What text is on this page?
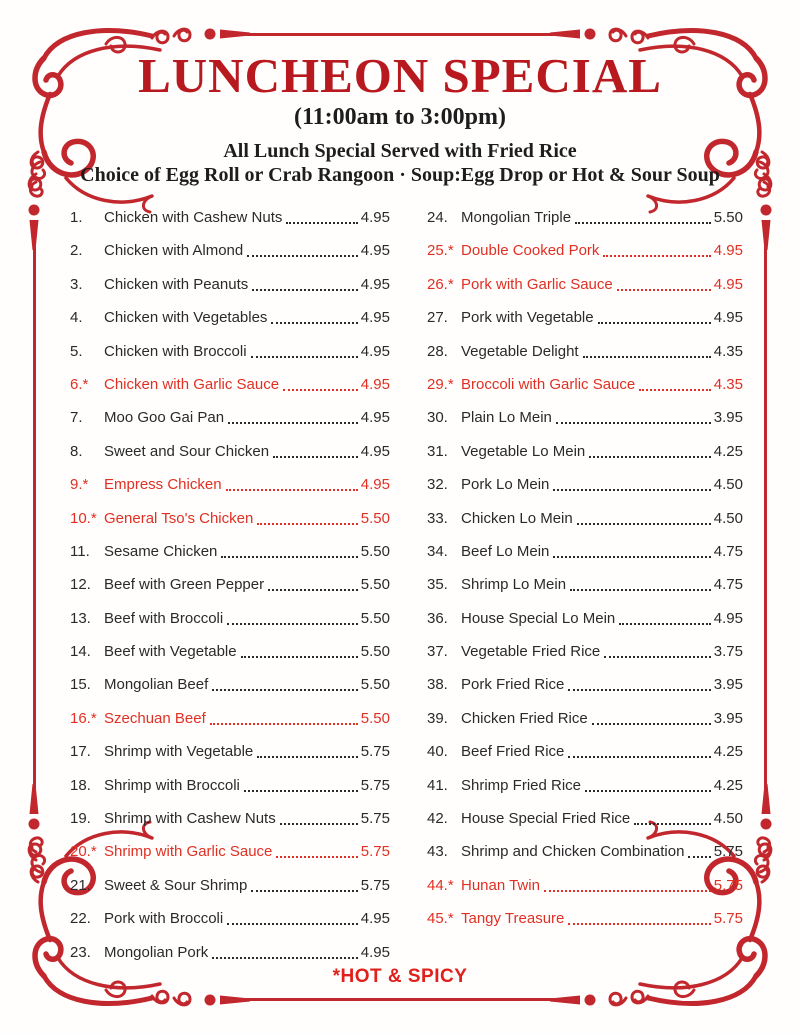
LUNCHEON SPECIAL
(11:00am to 3:00pm)
All Lunch Special Served with Fried Rice
Choice of Egg Roll or Crab Rangoon · Soup:Egg Drop or Hot & Sour Soup
1.	Chicken with Cashew Nuts	4.95
2.	Chicken with Almond	4.95
3.	Chicken with Peanuts	4.95
4.	Chicken with Vegetables	4.95
5.	Chicken with Broccoli	4.95
6.*	Chicken with Garlic Sauce	4.95
7.	Moo Goo Gai Pan	4.95
8.	Sweet and Sour Chicken	4.95
9.*	Empress Chicken	4.95
10.* General Tso's Chicken	5.50
11. Sesame Chicken	5.50
12. Beef with Green Pepper	5.50
13. Beef with Broccoli	5.50
14. Beef with Vegetable	5.50
15. Mongolian Beef	5.50
16.* Szechuan Beef	5.50
17. Shrimp with Vegetable	5.75
18. Shrimp with Broccoli	5.75
19. Shrimp with Cashew Nuts	5.75
20.* Shrimp with Garlic Sauce	5.75
21. Sweet & Sour Shrimp	5.75
22. Pork with Broccoli	4.95
23. Mongolian Pork	4.95
24. Mongolian Triple	5.50
25.* Double Cooked Pork	4.95
26.* Pork with Garlic Sauce	4.95
27. Pork with Vegetable	4.95
28. Vegetable Delight	4.35
29.* Broccoli with Garlic Sauce	4.35
30. Plain Lo Mein	3.95
31. Vegetable Lo Mein	4.25
32. Pork Lo Mein	4.50
33. Chicken Lo Mein	4.50
34. Beef Lo Mein	4.75
35. Shrimp Lo Mein	4.75
36. House Special Lo Mein	4.95
37. Vegetable Fried Rice	3.75
38. Pork Fried Rice	3.95
39. Chicken Fried Rice	3.95
40. Beef Fried Rice	4.25
41. Shrimp Fried Rice	4.25
42. House Special Fried Rice	4.50
43. Shrimp and Chicken Combination 5.75
44.* Hunan Twin	5.75
45.* Tangy Treasure	5.75
*HOT & SPICY
